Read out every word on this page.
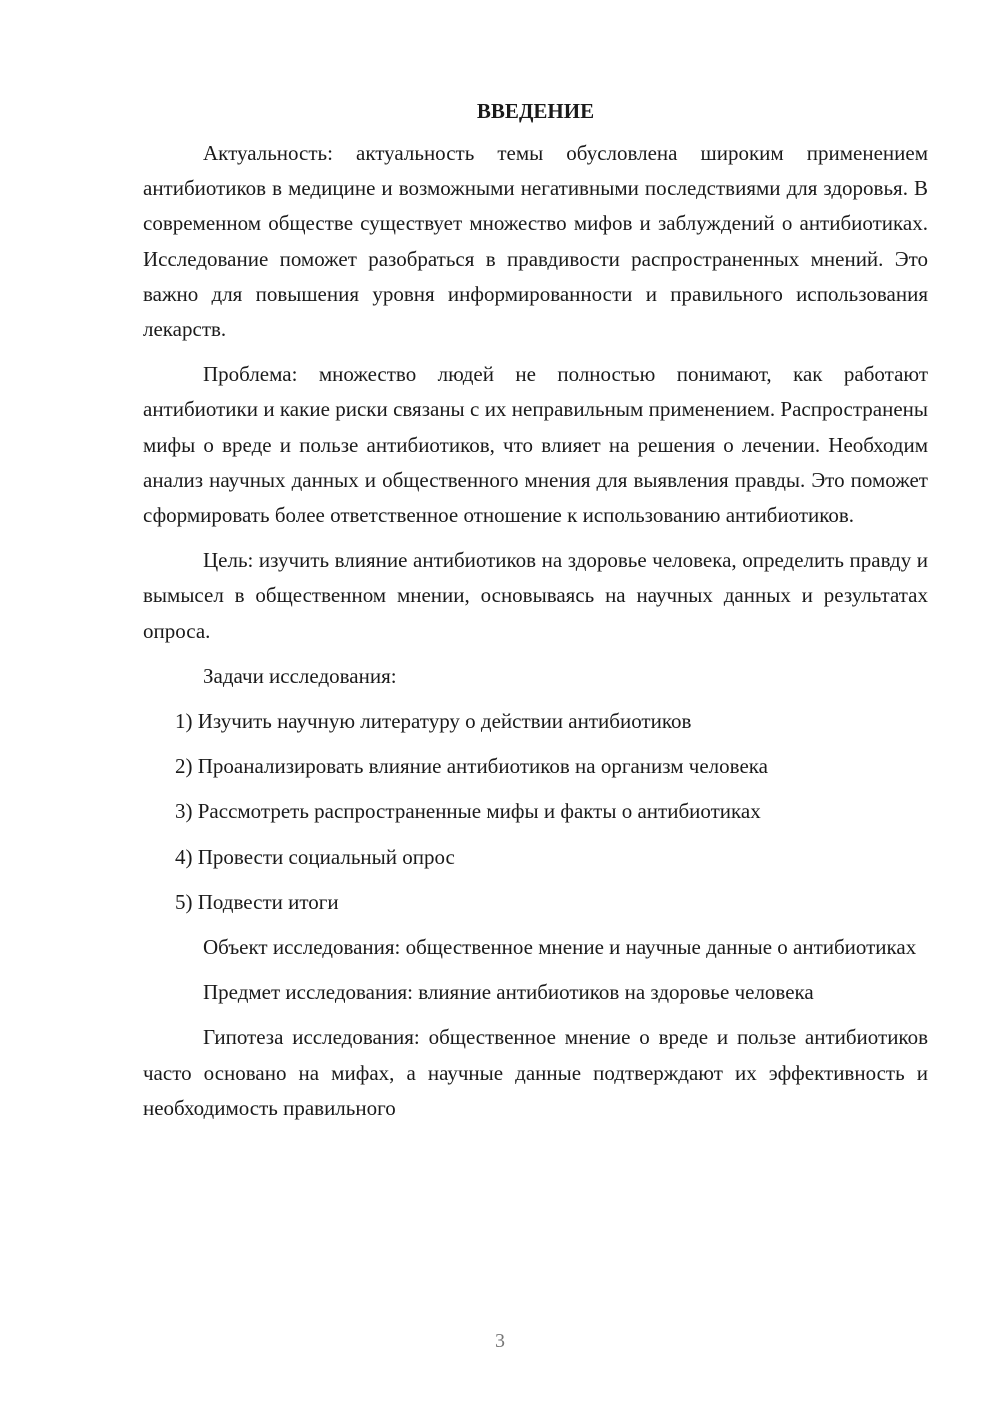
ВВЕДЕНИЕ

Актуальность: актуальность темы обусловлена широким применением антибиотиков в медицине и возможными негативными последствиями для здоровья. В современном обществе существует множество мифов и заблуждений о антибиотиках. Исследование поможет разобраться в правдивости распространенных мнений. Это важно для повышения уровня информированности и правильного использования лекарств.

Проблема: множество людей не полностью понимают, как работают антибиотики и какие риски связаны с их неправильным применением. Распространены мифы о вреде и пользе антибиотиков, что влияет на решения о лечении. Необходим анализ научных данных и общественного мнения для выявления правды. Это поможет сформировать более ответственное отношение к использованию антибиотиков.

Цель: изучить влияние антибиотиков на здоровье человека, определить правду и вымысел в общественном мнении, основываясь на научных данных и результатах опроса.

Задачи исследования:
1) Изучить научную литературу о действии антибиотиков
2) Проанализировать влияние антибиотиков на организм человека
3) Рассмотреть распространенные мифы и факты о антибиотиках
4) Провести социальный опрос
5) Подвести итоги

Объект исследования: общественное мнение и научные данные о антибиотиках

Предмет исследования: влияние антибиотиков на здоровье человека

Гипотеза исследования: общественное мнение о вреде и пользе антибиотиков часто основано на мифах, а научные данные подтверждают их эффективность и необходимость правильного

3
